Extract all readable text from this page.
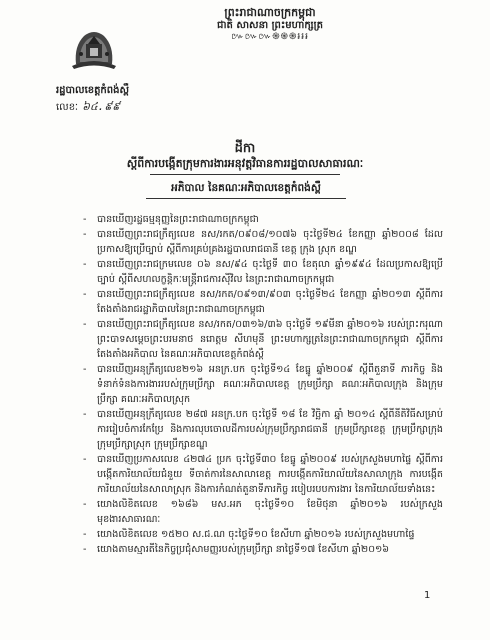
ព្រះរាជាណាចក្រកម្ពុជា
ជាតិ សាសនា ព្រះមហាក្សត្រ
៚៚៚֍֍֍៛៛៛
រដ្ឋបាលខេត្តកំពង់ស្ពឺ
លេខៈ ៦៤.៩៩
ដីកា
ស្តីពីការបង្កើតក្រុមការងារអនុវត្តវិធានការរដ្ឋបាលសាធារណៈ
អភិបាល នៃគណៈអភិបាលខេត្តកំពង់ស្ពឺ
- បានឃើញរដ្ឋធម្មនុញ្ញនៃព្រះរាជាណាចក្រកម្ពុជា
- បានឃើញព្រះរាជក្រឹត្យលេខ នស/រកត/០៩០៨/១០៧៦ ចុះថ្ងៃទី២៤ ខែកញ្ញា ឆ្នាំ២០០៨ ដែលប្រកាសឱ្យប្រើច្បាប់ ស្តីពីការគ្រប់គ្រងរដ្ឋបាលរាជធានី ខេត្ត ក្រុង ស្រុក ខណ្ឌ
- បានឃើញព្រះរាជក្រមលេខ ០៦ នស/៩៤ ចុះថ្ងៃទី ៣០ ខែតុលា ឆ្នាំ១៩៩៤ ដែលប្រកាសឱ្យប្រើច្បាប់ ស្តីពីសហលក្ខន្តិកៈមន្ត្រីរាជការស៊ីវិល នៃព្រះរាជាណាចក្រកម្ពុជា
- បានឃើញព្រះរាជក្រឹត្យលេខ នស/រកត/០៩១៣/៩០៣ ចុះថ្ងៃទី២៤ ខែកញ្ញា ឆ្នាំ២០១៣ ស្តីពីការតែងតាំងរាជរដ្ឋាភិបាលនៃព្រះរាជាណាចក្រកម្ពុជា
- បានឃើញព្រះរាជក្រឹត្យលេខ នស/រកត/០៣១៦/៣៦ ចុះថ្ងៃទី ១៩មីនា ឆ្នាំ២០១៦ របស់ព្រះករុណាព្រះបាទសម្តេចព្រះបរមនាថ នរោត្តម សីហមុនី ព្រះមហាក្សត្រនៃព្រះរាជាណាចក្រកម្ពុជា ស្តីពីការតែងតាំងអភិបាល នៃគណៈអភិបាលខេត្តកំពង់ស្ពឺ
- បានឃើញអនុក្រឹត្យលេខ២១៦ អនក្រ.បក ចុះថ្ងៃទី១៤ ខែធ្នូ ឆ្នាំ២០០៩ ស្តីពីតួនាទី ភារកិច្ច និងទំនាក់ទំនងការងាររបស់ក្រុមប្រឹក្សា គណៈអភិបាលខេត្ត ក្រុមប្រឹក្សា គណៈអភិបាលក្រុង និងក្រុមប្រឹក្សា គណៈអភិបាលស្រុក
- បានឃើញអនុក្រឹត្យលេខ ២៨៧ អនក្រ.បក ចុះថ្ងៃទី ១៨ ខែ វិច្ឆិកា ឆ្នាំ ២០១៤ ស្តីពីនីតិវិធីសម្រាប់ការរៀបចំការកែប្រែ និងការលុបចោលដីការបស់ក្រុមប្រឹក្សារាជធានី ក្រុមប្រឹក្សាខេត្ត ក្រុមប្រឹក្សាក្រុង ក្រុមប្រឹក្សាស្រុក ក្រុមប្រឹក្សាខណ្ឌ
- បានឃើញប្រកាសលេខ ៤២៧៤ ប្រក ចុះថ្ងៃទី៣០ ខែធ្នូ ឆ្នាំ២០០៩ របស់ក្រសួងមហាផ្ទៃ ស្តីពីការបង្កើតការិយាល័យជំនួយ ទីចាត់ការនៃសាលាខេត្ត ការបង្កើតការិយាល័យនៃសាលាក្រុង ការបង្កើតការិយាល័យនៃសាលាស្រុក និងការកំណត់តួនាទីភារកិច្ច របៀបរបបការងារ នៃការិយាល័យទាំងនេះ
- យោងលិខិតលេខ ១៦៨៦ មស.អភ ចុះថ្ងៃទី១០ ខែមិថុនា ឆ្នាំ២០១៦ របស់ក្រសួងមុខងារសាធារណៈ
- យោងលិខិតលេខ ១៥២០ ស.ជ.ណ ចុះថ្ងៃទី១០ ខែសីហា ឆ្នាំ២០១៦ របស់ក្រសួងមហាផ្ទៃ
- យោងតាមស្មារតីនៃកិច្ចប្រជុំសាមញ្ញរបស់ក្រុមប្រឹក្សា នាថ្ងៃទី១៧ ខែសីហា ឆ្នាំ២០១៦
1
